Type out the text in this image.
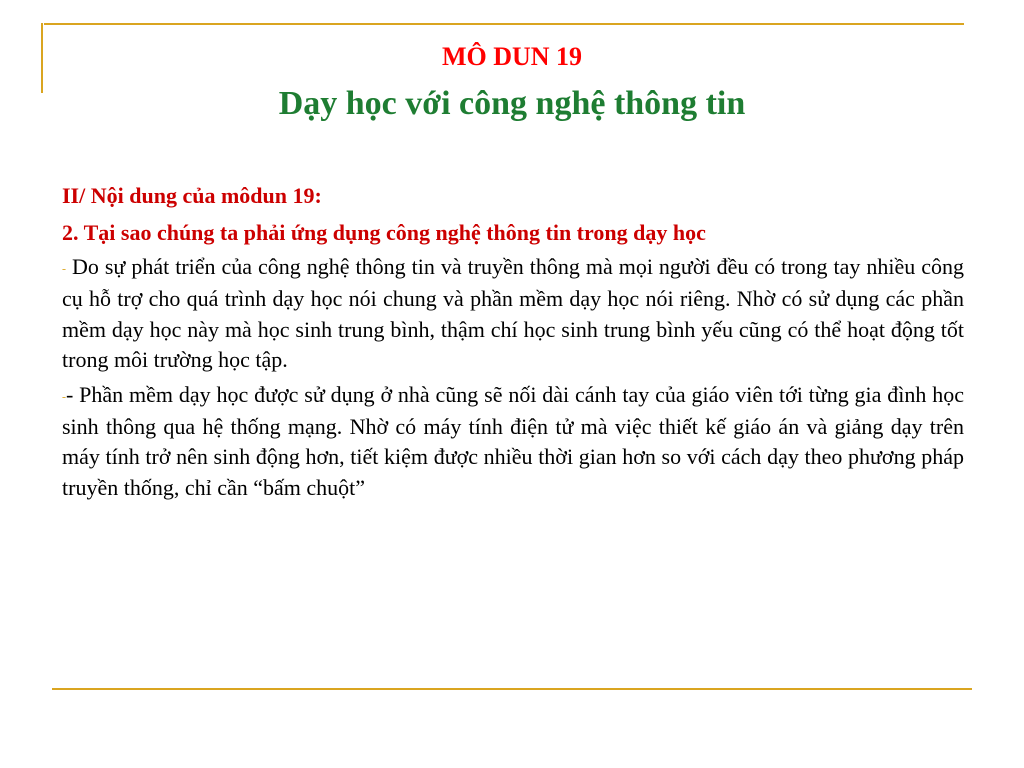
MÔ DUN 19
Dạy học với công nghệ thông tin

II/ Nội dung của môdun 19:

2. Tại sao chúng ta phải ứng dụng công nghệ thông tin trong dạy học

- Do sự phát triển của công nghệ thông tin và truyền thông mà mọi người đều có trong tay nhiều công cụ hỗ trợ cho quá trình dạy học nói chung và phần mềm dạy học nói riêng. Nhờ có sử dụng các phần mềm dạy học này mà học sinh trung bình, thậm chí học sinh trung bình yếu cũng có thể hoạt động tốt trong môi trường học tập.

-- Phần mềm dạy học được sử dụng ở nhà cũng sẽ nối dài cánh tay của giáo viên tới từng gia đình học sinh thông qua hệ thống mạng. Nhờ có máy tính điện tử mà việc thiết kế giáo án và giảng dạy trên máy tính trở nên sinh động hơn, tiết kiệm được nhiều thời gian hơn so với cách dạy theo phương pháp truyền thống, chỉ cần “bấm chuột”
